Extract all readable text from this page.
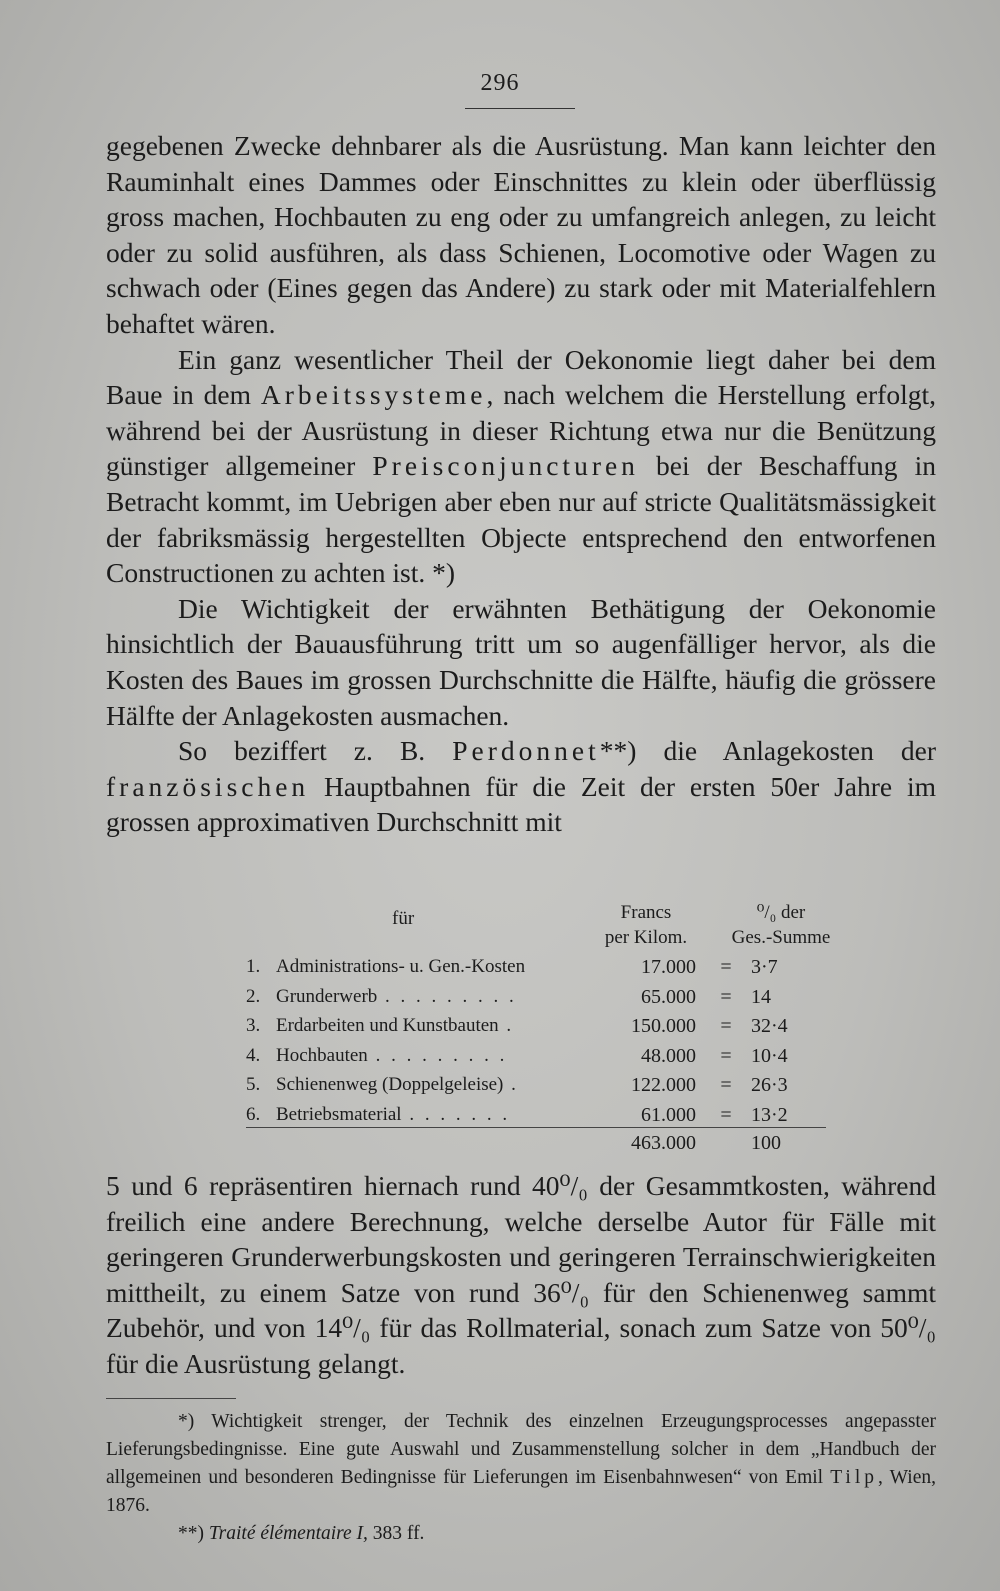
296

gegebenen Zwecke dehnbarer als die Ausrüstung. Man kann leichter den Rauminhalt eines Dammes oder Einschnittes zu klein oder überflüssig gross machen, Hochbauten zu eng oder zu umfangreich anlegen, zu leicht oder zu solid ausführen, als dass Schienen, Locomotive oder Wagen zu schwach oder (Eines gegen das Andere) zu stark oder mit Materialfehlern behaftet wären.

Ein ganz wesentlicher Theil der Oekonomie liegt daher bei dem Baue in dem Arbeitssysteme, nach welchem die Herstellung erfolgt, während bei der Ausrüstung in dieser Richtung etwa nur die Benützung günstiger allgemeiner Preisconjuncturen bei der Beschaffung in Betracht kommt, im Uebrigen aber eben nur auf stricte Qualitätsmässigkeit der fabriksmässig hergestellten Objecte entsprechend den entworfenen Constructionen zu achten ist. *)

Die Wichtigkeit der erwähnten Bethätigung der Oekonomie hinsichtlich der Bauausführung tritt um so augenfälliger hervor, als die Kosten des Baues im grossen Durchschnitte die Hälfte, häufig die grössere Hälfte der Anlagekosten ausmachen.

So beziffert z. B. Perdonnet**) die Anlagekosten der französischen Hauptbahnen für die Zeit der ersten 50er Jahre im grossen approximativen Durchschnitt mit

für	Francs
per Kilom.
⁰/₀ der
Ges.-Summe
1. Administrations- u. Gen.-Kosten	17.000 = 3·7
2. Grunderwerb . . . . . . . . .	65.000 = 14
3. Erdarbeiten und Kunstbauten .	150.000 = 32·4
4. Hochbauten . . . . . . . . .	48.000 = 10·4
5. Schienenweg (Doppelgeleise) .	122.000 = 26·3
6. Betriebsmaterial . . . . . . .	61.000 = 13·2
463.000	100

5 und 6 repräsentiren hiernach rund 40⁰/₀ der Gesammtkosten, während freilich eine andere Berechnung, welche derselbe Autor für Fälle mit geringeren Grunderwerbungskosten und geringeren Terrainschwierigkeiten mittheilt, zu einem Satze von rund 36⁰/₀ für den Schienenweg sammt Zubehör, und von 14⁰/₀ für das Rollmaterial, sonach zum Satze von 50⁰/₀ für die Ausrüstung gelangt.

*) Wichtigkeit strenger, der Technik des einzelnen Erzeugungsprocesses angepasster Lieferungsbedingnisse. Eine gute Auswahl und Zusammenstellung solcher in dem „Handbuch der allgemeinen und besonderen Bedingnisse für Lieferungen im Eisenbahnwesen“ von Emil Tilp, Wien, 1876.

**) Traité élémentaire I, 383 ff.
